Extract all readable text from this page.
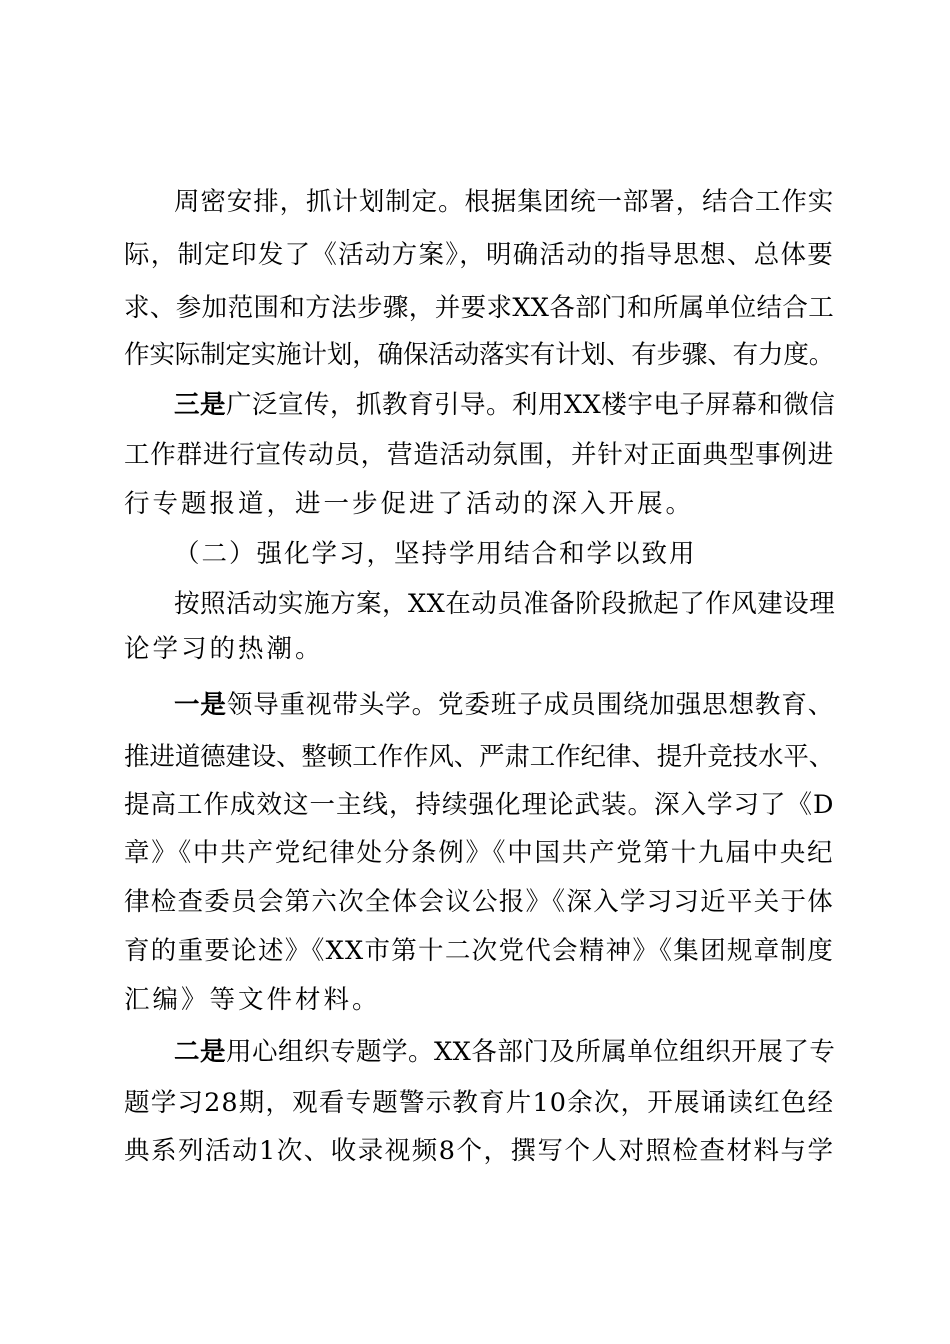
周密安排，抓计划制定。根据集团统一部署，结合工作实
际，制定印发了《活动方案》，明确活动的指导思想、总体要
求、参加范围和方法步骤，并要求XX各部门和所属单位结合工
作实际制定实施计划，确保活动落实有计划、有步骤、有力度。
三是广泛宣传，抓教育引导。利用XX楼宇电子屏幕和微信
工作群进行宣传动员，营造活动氛围，并针对正面典型事例进
行专题报道，进一步促进了活动的深入开展。
（二）强化学习，坚持学用结合和学以致用
按照活动实施方案，XX在动员准备阶段掀起了作风建设理
论学习的热潮。
一是领导重视带头学。党委班子成员围绕加强思想教育、
推进道德建设、整顿工作作风、严肃工作纪律、提升竞技水平、
提高工作成效这一主线，持续强化理论武装。深入学习了《D
章》《中共产党纪律处分条例》《中国共产党第十九届中央纪
律检查委员会第六次全体会议公报》《深入学习习近平关于体
育的重要论述》《XX市第十二次党代会精神》《集团规章制度
汇编》等文件材料。
二是用心组织专题学。XX各部门及所属单位组织开展了专
题学习28期，观看专题警示教育片10余次，开展诵读红色经
典系列活动1次、收录视频8个，撰写个人对照检查材料与学
